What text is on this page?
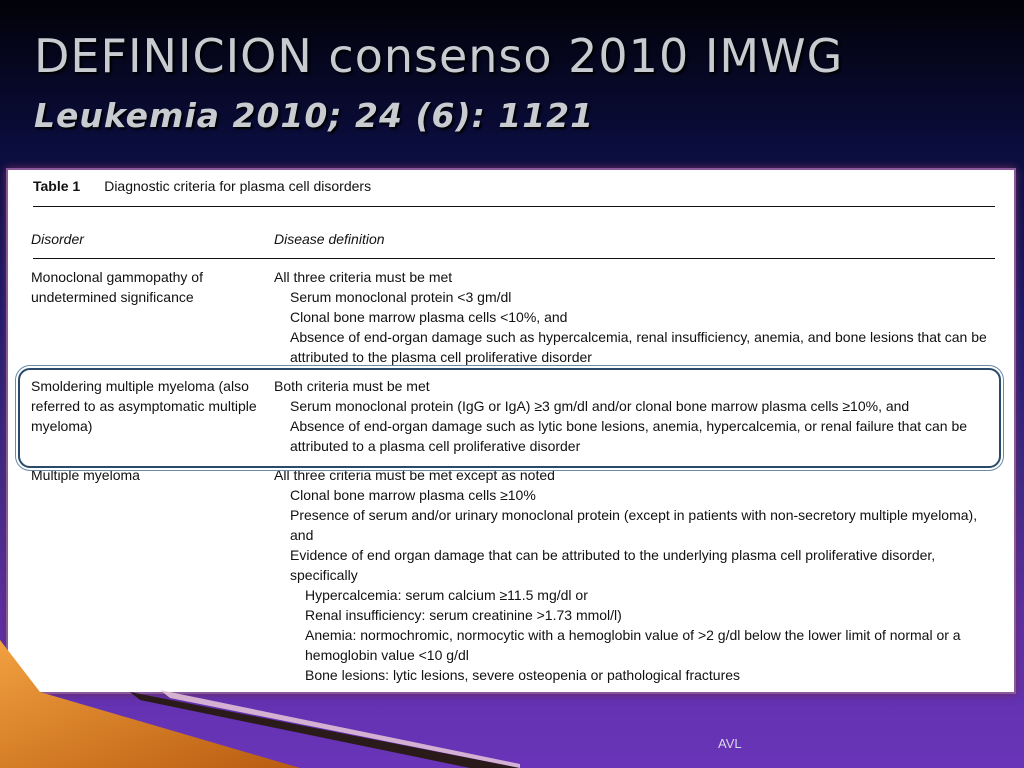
DEFINICION consenso 2010 IMWG
Leukemia 2010; 24 (6): 1121
Table 1 Diagnostic criteria for plasma cell disorders
Disorder	Disease definition
Monoclonal gammopathy of undetermined significance
All three criteria must be met
Serum monoclonal protein <3 gm/dl
Clonal bone marrow plasma cells <10%, and
Absence of end-organ damage such as hypercalcemia, renal insufficiency, anemia, and bone lesions that can be attributed to the plasma cell proliferative disorder
Smoldering multiple myeloma (also referred to as asymptomatic multiple myeloma)
Both criteria must be met
Serum monoclonal protein (IgG or IgA) ≥3 gm/dl and/or clonal bone marrow plasma cells ≥10%, and
Absence of end-organ damage such as lytic bone lesions, anemia, hypercalcemia, or renal failure that can be attributed to a plasma cell proliferative disorder
Multiple myeloma	All three criteria must be met except as noted
Clonal bone marrow plasma cells ≥10%
Presence of serum and/or urinary monoclonal protein (except in patients with non-secretory multiple myeloma), and
Evidence of end organ damage that can be attributed to the underlying plasma cell proliferative disorder, specifically
Hypercalcemia: serum calcium ≥11.5 mg/dl or
Renal insufficiency: serum creatinine >1.73 mmol/l)
Anemia: normochromic, normocytic with a hemoglobin value of >2 g/dl below the lower limit of normal or a hemoglobin value <10 g/dl
Bone lesions: lytic lesions, severe osteopenia or pathological fractures
AVL
